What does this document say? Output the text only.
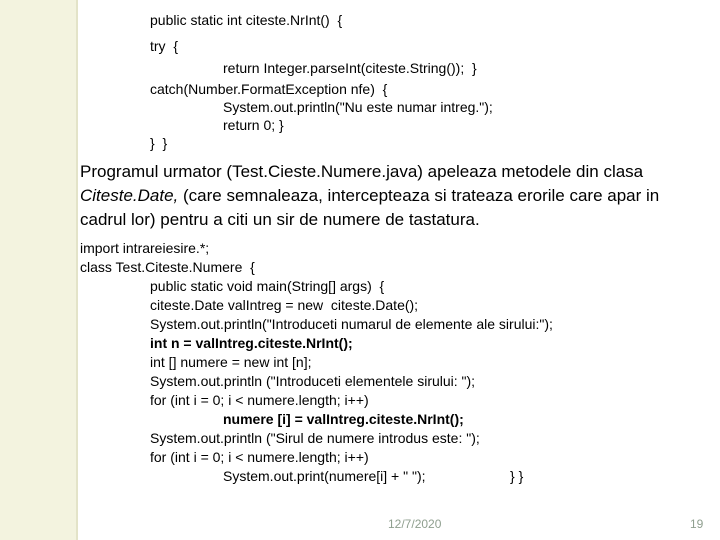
public static int citeste.NrInt()  {
try  {
return Integer.parseInt(citeste.String());  }
catch(Number.FormatException nfe)  {
System.out.println("Nu este numar intreg.");
return 0; }
}  }
Programul urmator (Test.Cieste.Numere.java) apeleaza metodele din clasa Citeste.Date, (care semnaleaza, intercepteaza si trateaza erorile care apar in cadrul lor) pentru a citi un sir de numere de tastatura.
import intrareiesire.*;
class Test.Citeste.Numere  {
public static void main(String[] args)  {
citeste.Date valIntreg = new  citeste.Date();
System.out.println("Introduceti numarul de elemente ale sirului:");
int n = valIntreg.citeste.NrInt();
int [] numere = new int [n];
System.out.println ("Introduceti elementele sirului: ");
for (int i = 0; i < numere.length; i++)
numere [i] = valIntreg.citeste.NrInt();
System.out.println ("Sirul de numere introdus este: ");
for (int i = 0; i < numere.length; i++)
System.out.print(numere[i] + " ");	} }
12/7/2020	19
